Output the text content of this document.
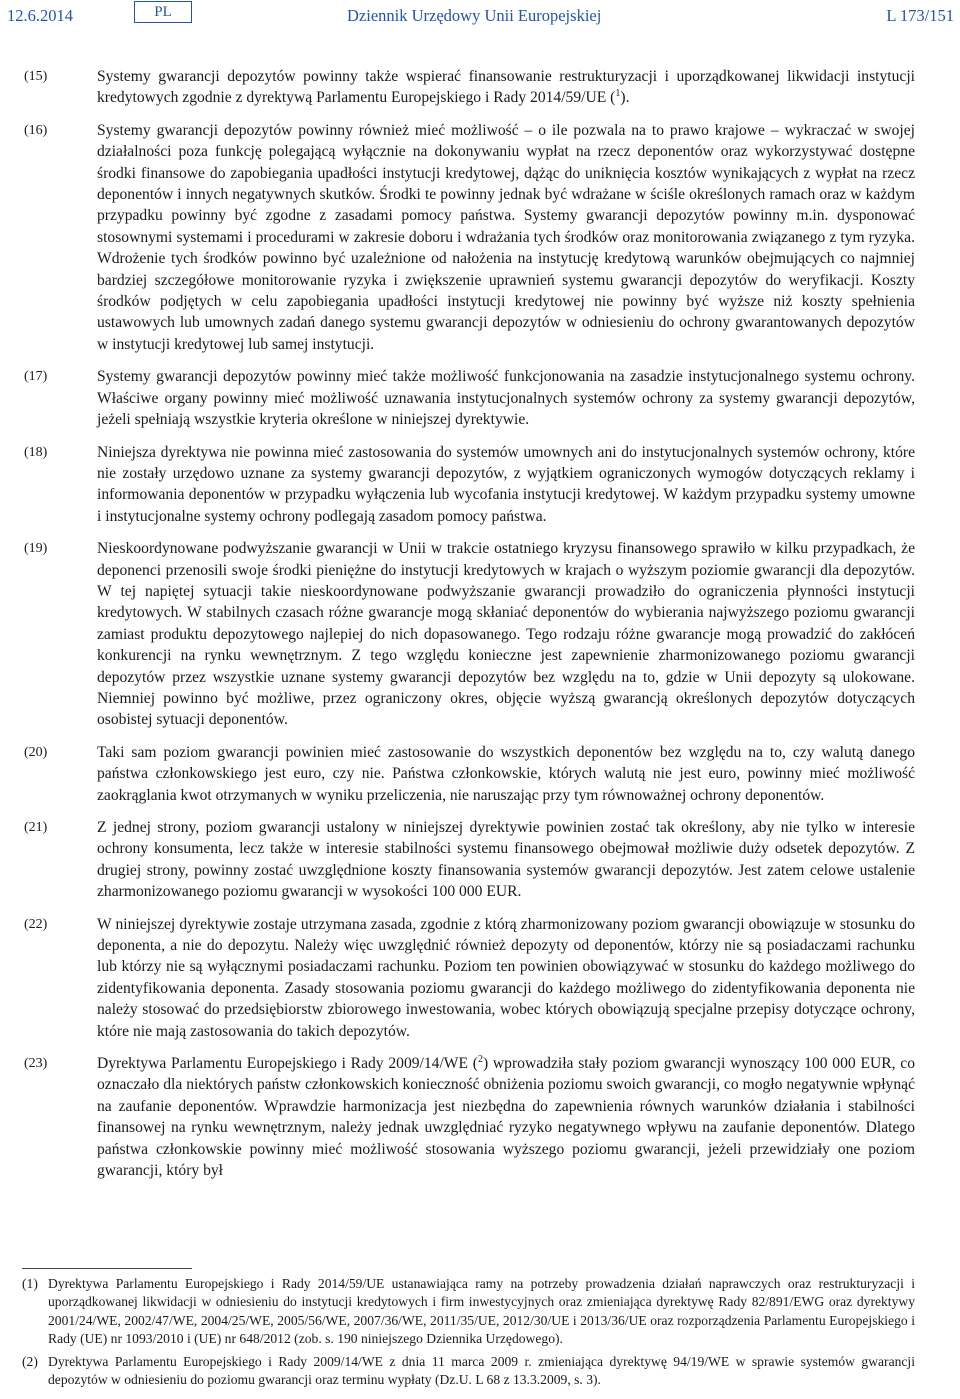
12.6.2014	PL	Dziennik Urzędowy Unii Europejskiej	L 173/151
(15)	Systemy gwarancji depozytów powinny także wspierać finansowanie restrukturyzacji i uporządkowanej likwidacji instytucji kredytowych zgodnie z dyrektywą Parlamentu Europejskiego i Rady 2014/59/UE ($^1$).
(16)	Systemy gwarancji depozytów powinny również mieć możliwość – o ile pozwala na to prawo krajowe – wykraczać w swojej działalności poza funkcję polegającą wyłącznie na dokonywaniu wypłat na rzecz deponentów oraz wykorzystywać dostępne środki finansowe do zapobiegania upadłości instytucji kredytowej, dążąc do uniknięcia kosztów wynikających z wypłat na rzecz deponentów i innych negatywnych skutków. Środki te powinny jednak być wdrażane w ściśle określonych ramach oraz w każdym przypadku powinny być zgodne z zasadami pomocy państwa. Systemy gwarancji depozytów powinny m.in. dysponować stosownymi systemami i procedurami w zakresie doboru i wdrażania tych środków oraz monitorowania związanego z tym ryzyka. Wdrożenie tych środków powinno być uzależnione od nałożenia na instytucję kredytową warunków obejmujących co najmniej bardziej szczegółowe monitorowanie ryzyka i zwiększenie uprawnień systemu gwarancji depozytów do weryfikacji. Koszty środków podjętych w celu zapobiegania upadłości instytucji kredytowej nie powinny być wyższe niż koszty spełnienia ustawowych lub umownych zadań danego systemu gwarancji depozytów w odniesieniu do ochrony gwarantowanych depozytów w instytucji kredytowej lub samej instytucji.
(17)	Systemy gwarancji depozytów powinny mieć także możliwość funkcjonowania na zasadzie instytucjonalnego systemu ochrony. Właściwe organy powinny mieć możliwość uznawania instytucjonalnych systemów ochrony za systemy gwarancji depozytów, jeżeli spełniają wszystkie kryteria określone w niniejszej dyrektywie.
(18)	Niniejsza dyrektywa nie powinna mieć zastosowania do systemów umownych ani do instytucjonalnych systemów ochrony, które nie zostały urzędowo uznane za systemy gwarancji depozytów, z wyjątkiem ograniczonych wymogów dotyczących reklamy i informowania deponentów w przypadku wyłączenia lub wycofania instytucji kredytowej. W każdym przypadku systemy umowne i instytucjonalne systemy ochrony podlegają zasadom pomocy państwa.
(19)	Nieskoordynowane podwyższanie gwarancji w Unii w trakcie ostatniego kryzysu finansowego sprawiło w kilku przypadkach, że deponenci przenosili swoje środki pieniężne do instytucji kredytowych w krajach o wyższym poziomie gwarancji dla depozytów. W tej napiętej sytuacji takie nieskoordynowane podwyższanie gwarancji prowadziło do ograniczenia płynności instytucji kredytowych. W stabilnych czasach różne gwarancje mogą skłaniać deponentów do wybierania najwyższego poziomu gwarancji zamiast produktu depozytowego najlepiej do nich dopasowanego. Tego rodzaju różne gwarancje mogą prowadzić do zakłóceń konkurencji na rynku wewnętrznym. Z tego względu konieczne jest zapewnienie zharmonizowanego poziomu gwarancji depozytów przez wszystkie uznane systemy gwarancji depozytów bez względu na to, gdzie w Unii depozyty są ulokowane. Niemniej powinno być możliwe, przez ograniczony okres, objęcie wyższą gwarancją określonych depozytów dotyczących osobistej sytuacji deponentów.
(20)	Taki sam poziom gwarancji powinien mieć zastosowanie do wszystkich deponentów bez względu na to, czy walutą danego państwa członkowskiego jest euro, czy nie. Państwa członkowskie, których walutą nie jest euro, powinny mieć możliwość zaokrąglania kwot otrzymanych w wyniku przeliczenia, nie naruszając przy tym równoważnej ochrony deponentów.
(21)	Z jednej strony, poziom gwarancji ustalony w niniejszej dyrektywie powinien zostać tak określony, aby nie tylko w interesie ochrony konsumenta, lecz także w interesie stabilności systemu finansowego obejmował możliwie duży odsetek depozytów. Z drugiej strony, powinny zostać uwzględnione koszty finansowania systemów gwarancji depozytów. Jest zatem celowe ustalenie zharmonizowanego poziomu gwarancji w wysokości 100 000 EUR.
(22)	W niniejszej dyrektywie zostaje utrzymana zasada, zgodnie z którą zharmonizowany poziom gwarancji obowiązuje w stosunku do deponenta, a nie do depozytu. Należy więc uwzględnić również depozyty od deponentów, którzy nie są posiadaczami rachunku lub którzy nie są wyłącznymi posiadaczami rachunku. Poziom ten powinien obowiązywać w stosunku do każdego możliwego do zidentyfikowania deponenta. Zasady stosowania poziomu gwarancji do każdego możliwego do zidentyfikowania deponenta nie należy stosować do przedsiębiorstw zbiorowego inwestowania, wobec których obowiązują specjalne przepisy dotyczące ochrony, które nie mają zastosowania do takich depozytów.
(23)	Dyrektywa Parlamentu Europejskiego i Rady 2009/14/WE ($^2$) wprowadziła stały poziom gwarancji wynoszący 100 000 EUR, co oznaczało dla niektórych państw członkowskich konieczność obniżenia poziomu swoich gwarancji, co mogło negatywnie wpłynąć na zaufanie deponentów. Wprawdzie harmonizacja jest niezbędna do zapewnienia równych warunków działania i stabilności finansowej na rynku wewnętrznym, należy jednak uwzględniać ryzyko negatywnego wpływu na zaufanie deponentów. Dlatego państwa członkowskie powinny mieć możliwość stosowania wyższego poziomu gwarancji, jeżeli przewidziały one poziom gwarancji, który był
(1) Dyrektywa Parlamentu Europejskiego i Rady 2014/59/UE ustanawiająca ramy na potrzeby prowadzenia działań naprawczych oraz restrukturyzacji i uporządkowanej likwidacji w odniesieniu do instytucji kredytowych i firm inwestycyjnych oraz zmieniająca dyrektywę Rady 82/891/EWG oraz dyrektywy 2001/24/WE, 2002/47/WE, 2004/25/WE, 2005/56/WE, 2007/36/WE, 2011/35/UE, 2012/30/UE i 2013/36/UE oraz rozporządzenia Parlamentu Europejskiego i Rady (UE) nr 1093/2010 i (UE) nr 648/2012 (zob. s. 190 niniejszego Dziennika Urzędowego).
(2) Dyrektywa Parlamentu Europejskiego i Rady 2009/14/WE z dnia 11 marca 2009 r. zmieniająca dyrektywę 94/19/WE w sprawie systemów gwarancji depozytów w odniesieniu do poziomu gwarancji oraz terminu wypłaty (Dz.U. L 68 z 13.3.2009, s. 3).
